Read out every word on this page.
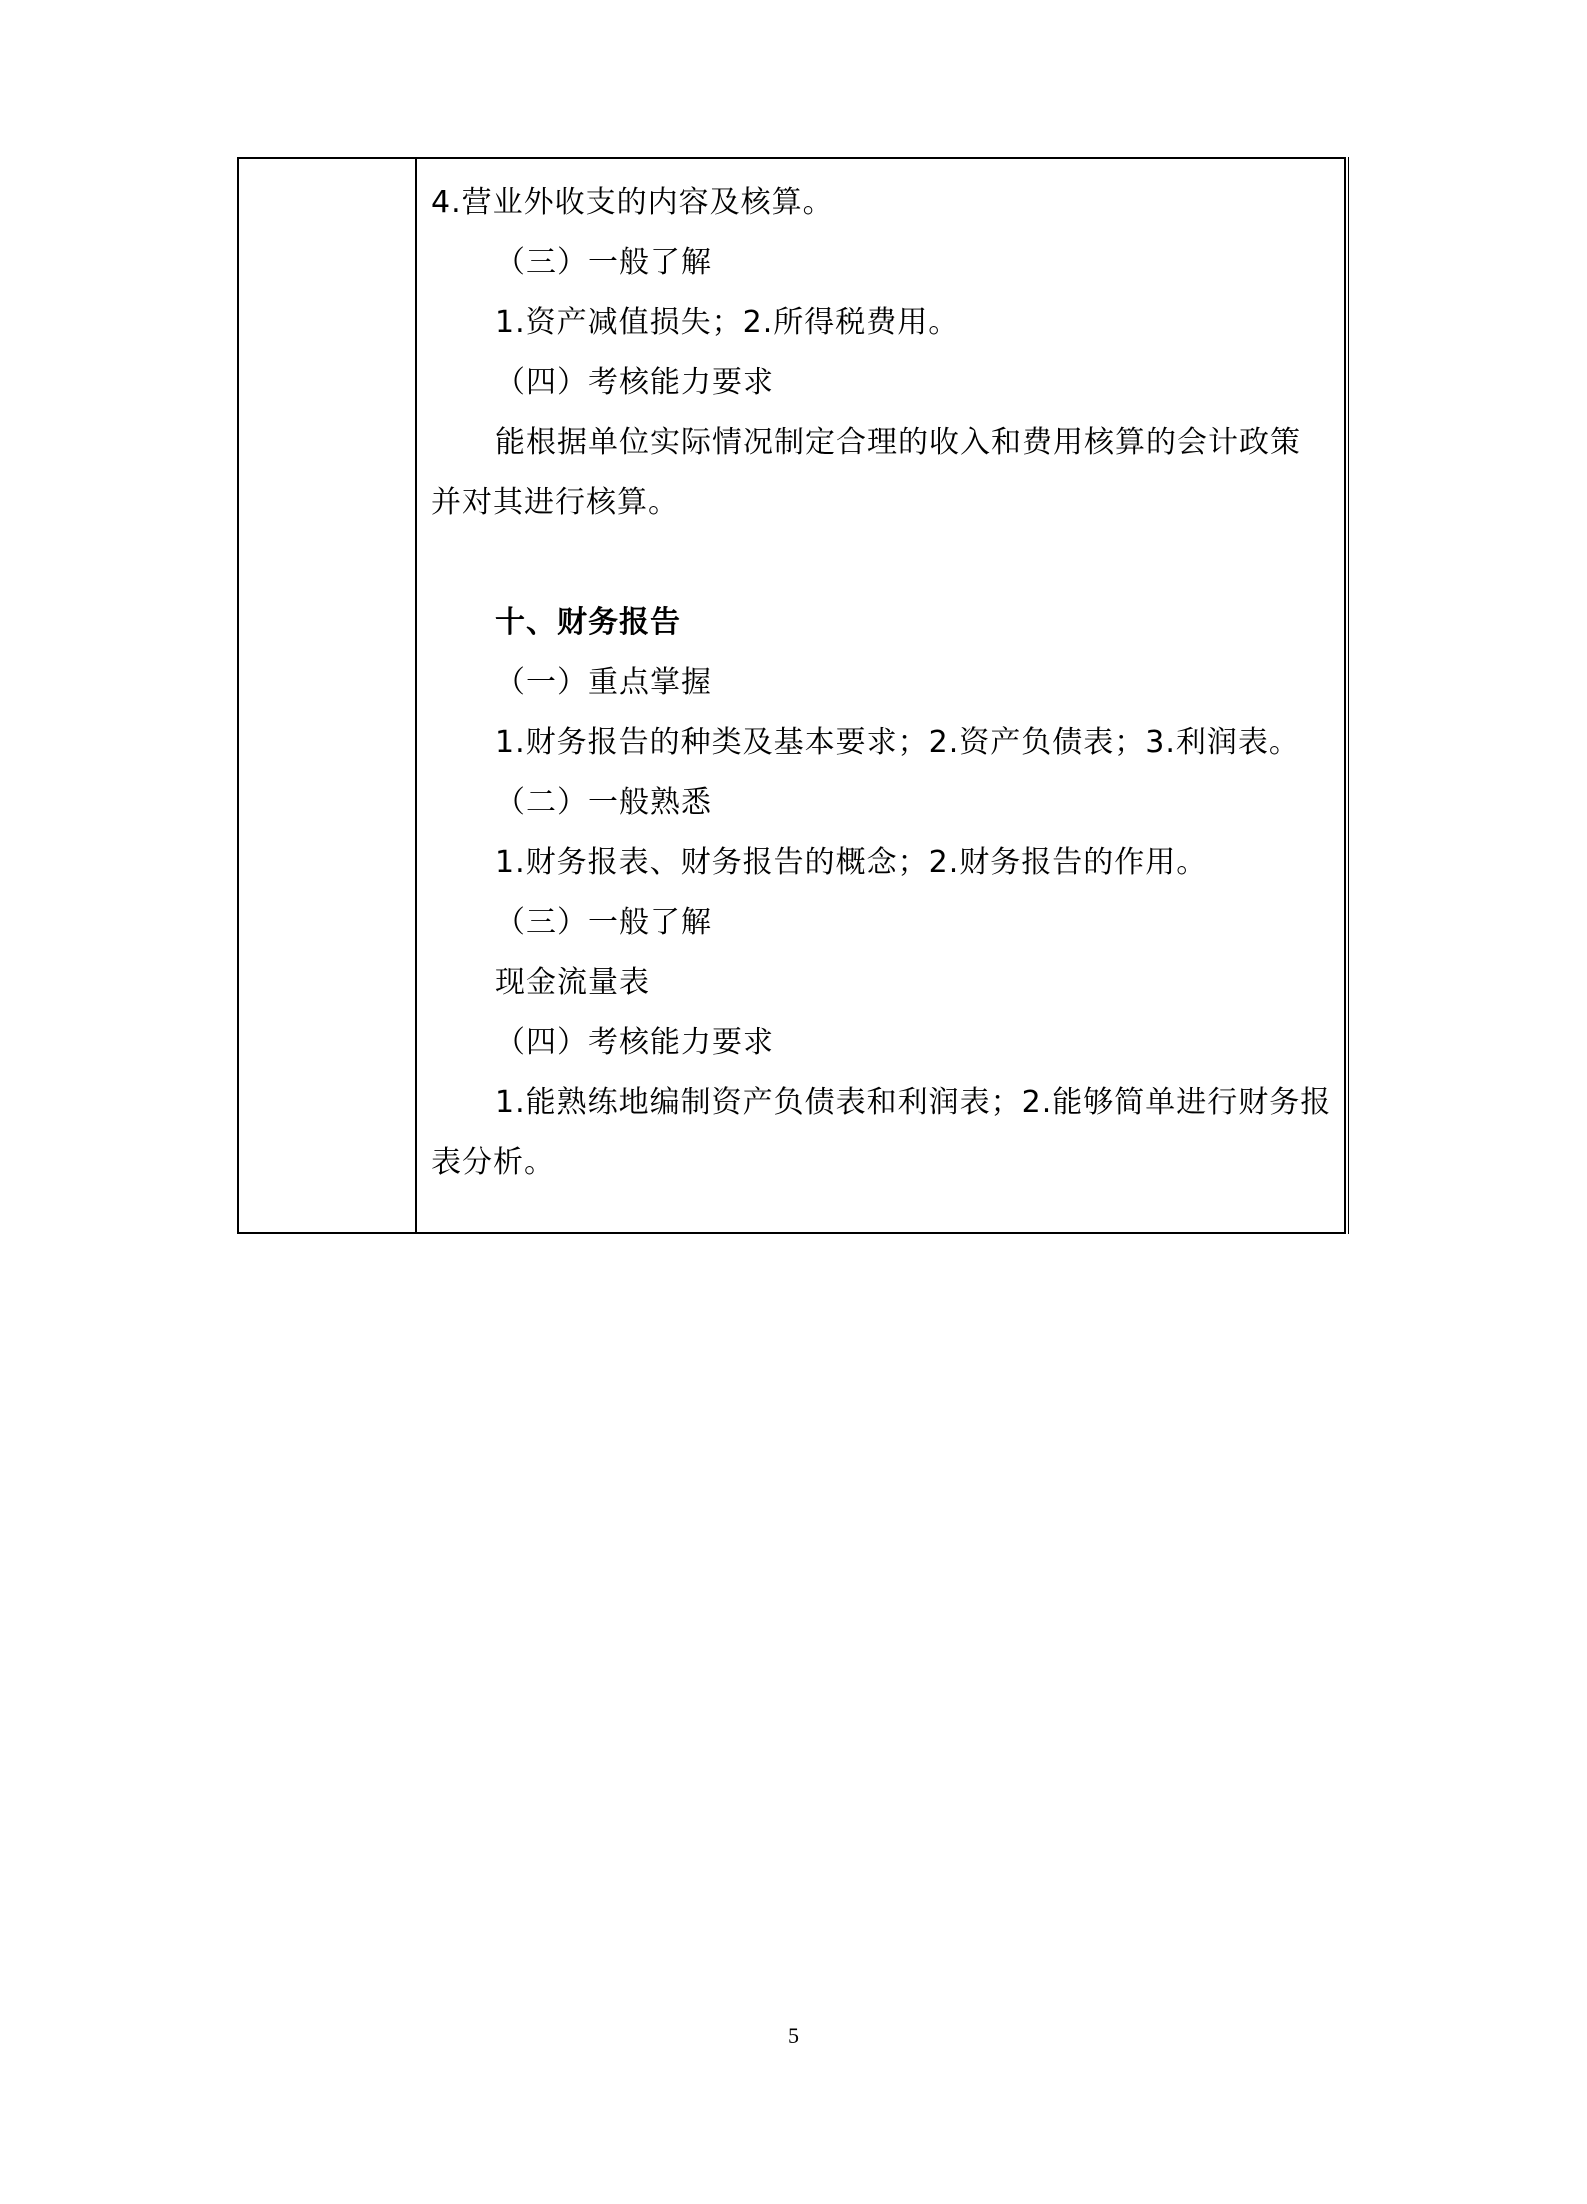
4.营业外收支的内容及核算。
（三）一般了解
1.资产减值损失；2.所得税费用。
（四）考核能力要求
能根据单位实际情况制定合理的收入和费用核算的会计政策
并对其进行核算。
十、财务报告
（一）重点掌握
1.财务报告的种类及基本要求；2.资产负债表；3.利润表。
（二）一般熟悉
1.财务报表、财务报告的概念；2.财务报告的作用。
（三）一般了解
现金流量表
（四）考核能力要求
1.能熟练地编制资产负债表和利润表；2.能够简单进行财务报
表分析。
5
